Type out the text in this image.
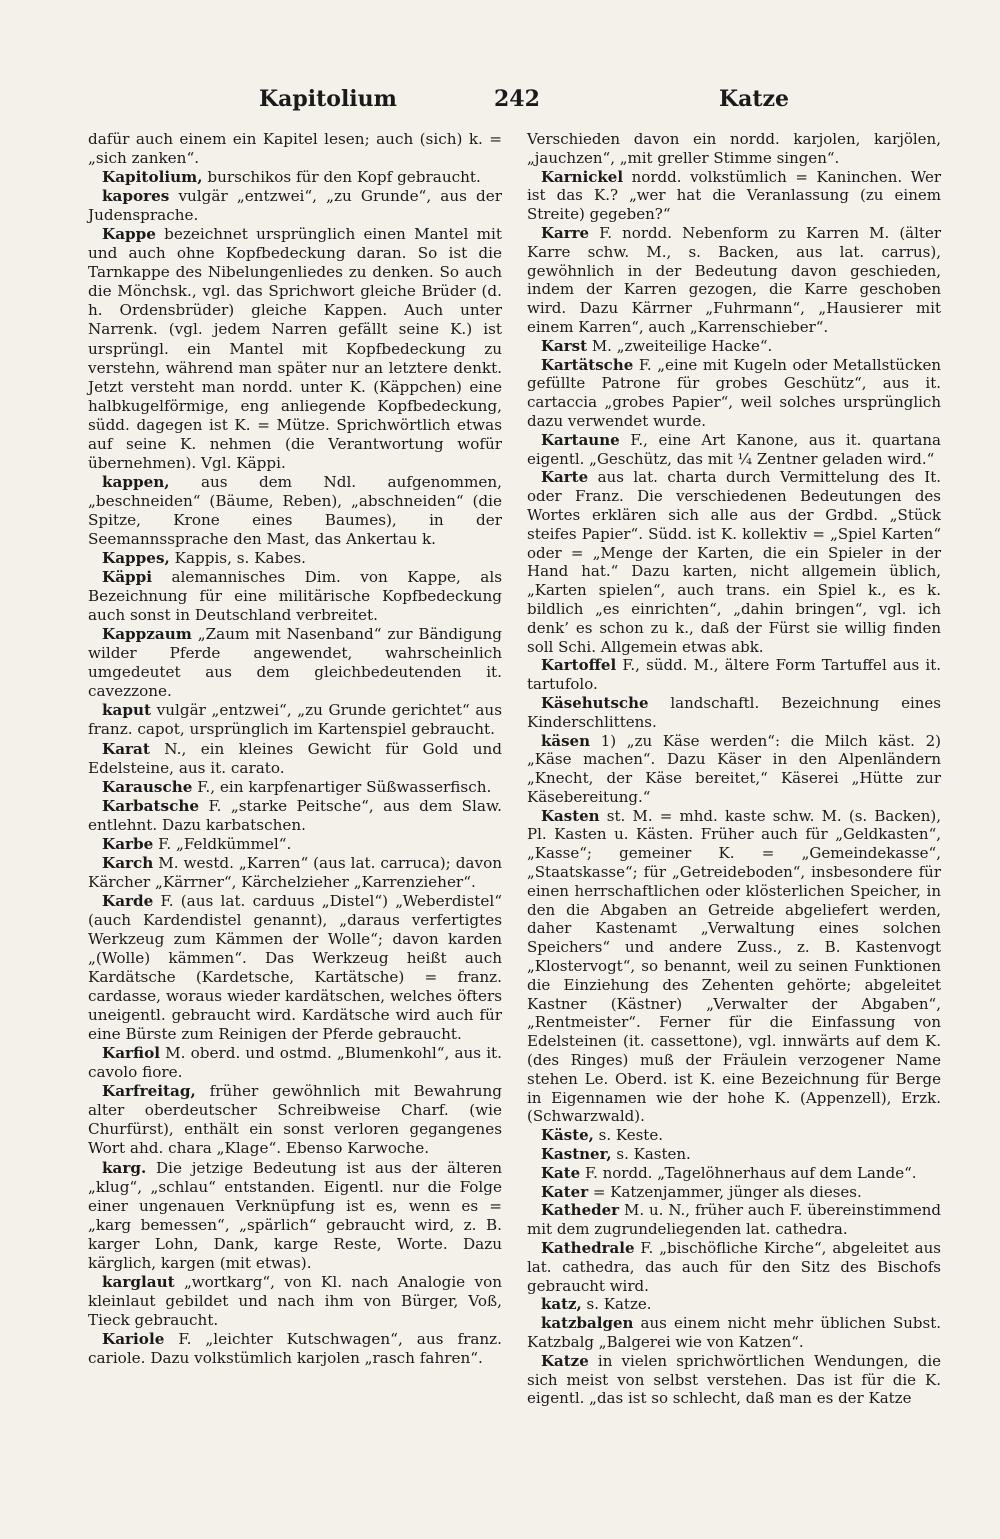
Kapitolium	242	Katze

dafür auch einem ein Kapitel lesen; auch (sich) k. = „sich zanken“.

Kapitolium, burschikos für den Kopf gebraucht.

kapores vulgär „entzwei“, „zu Grunde“, aus der Judensprache.

Kappe bezeichnet ursprünglich einen Mantel mit und auch ohne Kopfbedeckung daran. So ist die Tarnkappe des Nibelungenliedes zu denken. So auch die Mönchsk., vgl. das Sprichwort gleiche Brüder (d. h. Ordensbrüder) gleiche Kappen. Auch unter Narrenk. (vgl. jedem Narren gefällt seine K.) ist ursprüngl. ein Mantel mit Kopfbedeckung zu verstehn, während man später nur an letztere denkt. Jetzt versteht man nordd. unter K. (Käppchen) eine halbkugelförmige, eng anliegende Kopfbedeckung, südd. dagegen ist K. = Mütze. Sprichwörtlich etwas auf seine K. nehmen (die Verantwortung wofür übernehmen). Vgl. Käppi.

kappen, aus dem Ndl. aufgenommen, „beschneiden“ (Bäume, Reben), „abschneiden“ (die Spitze, Krone eines Baumes), in der Seemannssprache den Mast, das Ankertau k.

Kappes, Kappis, s. Kabes.

Käppi alemannisches Dim. von Kappe, als Bezeichnung für eine militärische Kopfbedeckung auch sonst in Deutschland verbreitet.

Kappzaum „Zaum mit Nasenband“ zur Bändigung wilder Pferde angewendet, wahrscheinlich umgedeutet aus dem gleichbedeutenden it. cavezzone.

kaput vulgär „entzwei“, „zu Grunde gerichtet“ aus franz. capot, ursprünglich im Kartenspiel gebraucht.

Karat N., ein kleines Gewicht für Gold und Edelsteine, aus it. carato.

Karausche F., ein karpfenartiger Süßwasserfisch.

Karbatsche F. „starke Peitsche“, aus dem Slaw. entlehnt. Dazu karbatschen.

Karbe F. „Feldkümmel“.

Karch M. westd. „Karren“ (aus lat. carruca); davon Kärcher „Kärrner“, Kärchelzieher „Karrenzieher“.

Karde F. (aus lat. carduus „Distel“) „Weberdistel“ (auch Kardendistel genannt), „daraus verfertigtes Werkzeug zum Kämmen der Wolle“; davon karden „(Wolle) kämmen“. Das Werkzeug heißt auch Kardätsche (Kardetsche, Kartätsche) = franz. cardasse, woraus wieder kardätschen, welches öfters uneigentl. gebraucht wird. Kardätsche wird auch für eine Bürste zum Reinigen der Pferde gebraucht.

Karfiol M. oberd. und ostmd. „Blumenkohl“, aus it. cavolo fiore.

Karfreitag, früher gewöhnlich mit Bewahrung alter oberdeutscher Schreibweise Charf. (wie Churfürst), enthält ein sonst verloren gegangenes Wort ahd. chara „Klage“. Ebenso Karwoche.

karg. Die jetzige Bedeutung ist aus der älteren „klug“, „schlau“ entstanden. Eigentl. nur die Folge einer ungenauen Verknüpfung ist es, wenn es = „karg bemessen“, „spärlich“ gebraucht wird, z. B. karger Lohn, Dank, karge Reste, Worte. Dazu kärglich, kargen (mit etwas).

karglaut „wortkarg“, von Kl. nach Analogie von kleinlaut gebildet und nach ihm von Bürger, Voß, Tieck gebraucht.

Kariole F. „leichter Kutschwagen“, aus franz. cariole. Dazu volkstümlich karjolen „rasch fahren“.

Verschieden davon ein nordd. karjolen, karjölen, „jauchzen“, „mit greller Stimme singen“.

Karnickel nordd. volkstümlich = Kaninchen. Wer ist das K.? „wer hat die Veranlassung (zu einem Streite) gegeben?“

Karre F. nordd. Nebenform zu Karren M. (älter Karre schw. M., s. Backen, aus lat. carrus), gewöhnlich in der Bedeutung davon geschieden, indem der Karren gezogen, die Karre geschoben wird. Dazu Kärrner „Fuhrmann“, „Hausierer mit einem Karren“, auch „Karrenschieber“.

Karst M. „zweiteilige Hacke“.

Kartätsche F. „eine mit Kugeln oder Metallstücken gefüllte Patrone für grobes Geschütz“, aus it. cartaccia „grobes Papier“, weil solches ursprünglich dazu verwendet wurde.

Kartaune F., eine Art Kanone, aus it. quartana eigentl. „Geschütz, das mit ¼ Zentner geladen wird.“

Karte aus lat. charta durch Vermittelung des It. oder Franz. Die verschiedenen Bedeutungen des Wortes erklären sich alle aus der Grdbd. „Stück steifes Papier“. Südd. ist K. kollektiv = „Spiel Karten“ oder = „Menge der Karten, die ein Spieler in der Hand hat.“ Dazu karten, nicht allgemein üblich, „Karten spielen“, auch trans. ein Spiel k., es k. bildlich „es einrichten“, „dahin bringen“, vgl. ich denk’ es schon zu k., daß der Fürst sie willig finden soll Schi. Allgemein etwas abk.

Kartoffel F., südd. M., ältere Form Tartuffel aus it. tartufolo.

Käsehutsche landschaftl. Bezeichnung eines Kinderschlittens.

käsen 1) „zu Käse werden“: die Milch käst. 2) „Käse machen“. Dazu Käser in den Alpenländern „Knecht, der Käse bereitet,“ Käserei „Hütte zur Käsebereitung.“

Kasten st. M. = mhd. kaste schw. M. (s. Backen), Pl. Kasten u. Kästen. Früher auch für „Geldkasten“, „Kasse“; gemeiner K. = „Gemeindekasse“, „Staatskasse“; für „Getreideboden“, insbesondere für einen herrschaftlichen oder klösterlichen Speicher, in den die Abgaben an Getreide abgeliefert werden, daher Kastenamt „Verwaltung eines solchen Speichers“ und andere Zuss., z. B. Kastenvogt „Klostervogt“, so benannt, weil zu seinen Funktionen die Einziehung des Zehenten gehörte; abgeleitet Kastner (Kästner) „Verwalter der Abgaben“, „Rentmeister“. Ferner für die Einfassung von Edelsteinen (it. cassettone), vgl. innwärts auf dem K. (des Ringes) muß der Fräulein verzogener Name stehen Le. Oberd. ist K. eine Bezeichnung für Berge in Eigennamen wie der hohe K. (Appenzell), Erzk. (Schwarzwald).

Käste, s. Keste.

Kastner, s. Kasten.

Kate F. nordd. „Tagelöhnerhaus auf dem Lande“.

Kater = Katzenjammer, jünger als dieses.

Katheder M. u. N., früher auch F. übereinstimmend mit dem zugrundeliegenden lat. cathedra.

Kathedrale F. „bischöfliche Kirche“, abgeleitet aus lat. cathedra, das auch für den Sitz des Bischofs gebraucht wird.

katz, s. Katze.

katzbalgen aus einem nicht mehr üblichen Subst. Katzbalg „Balgerei wie von Katzen“.

Katze in vielen sprichwörtlichen Wendungen, die sich meist von selbst verstehen. Das ist für die K. eigentl. „das ist so schlecht, daß man es der Katze
